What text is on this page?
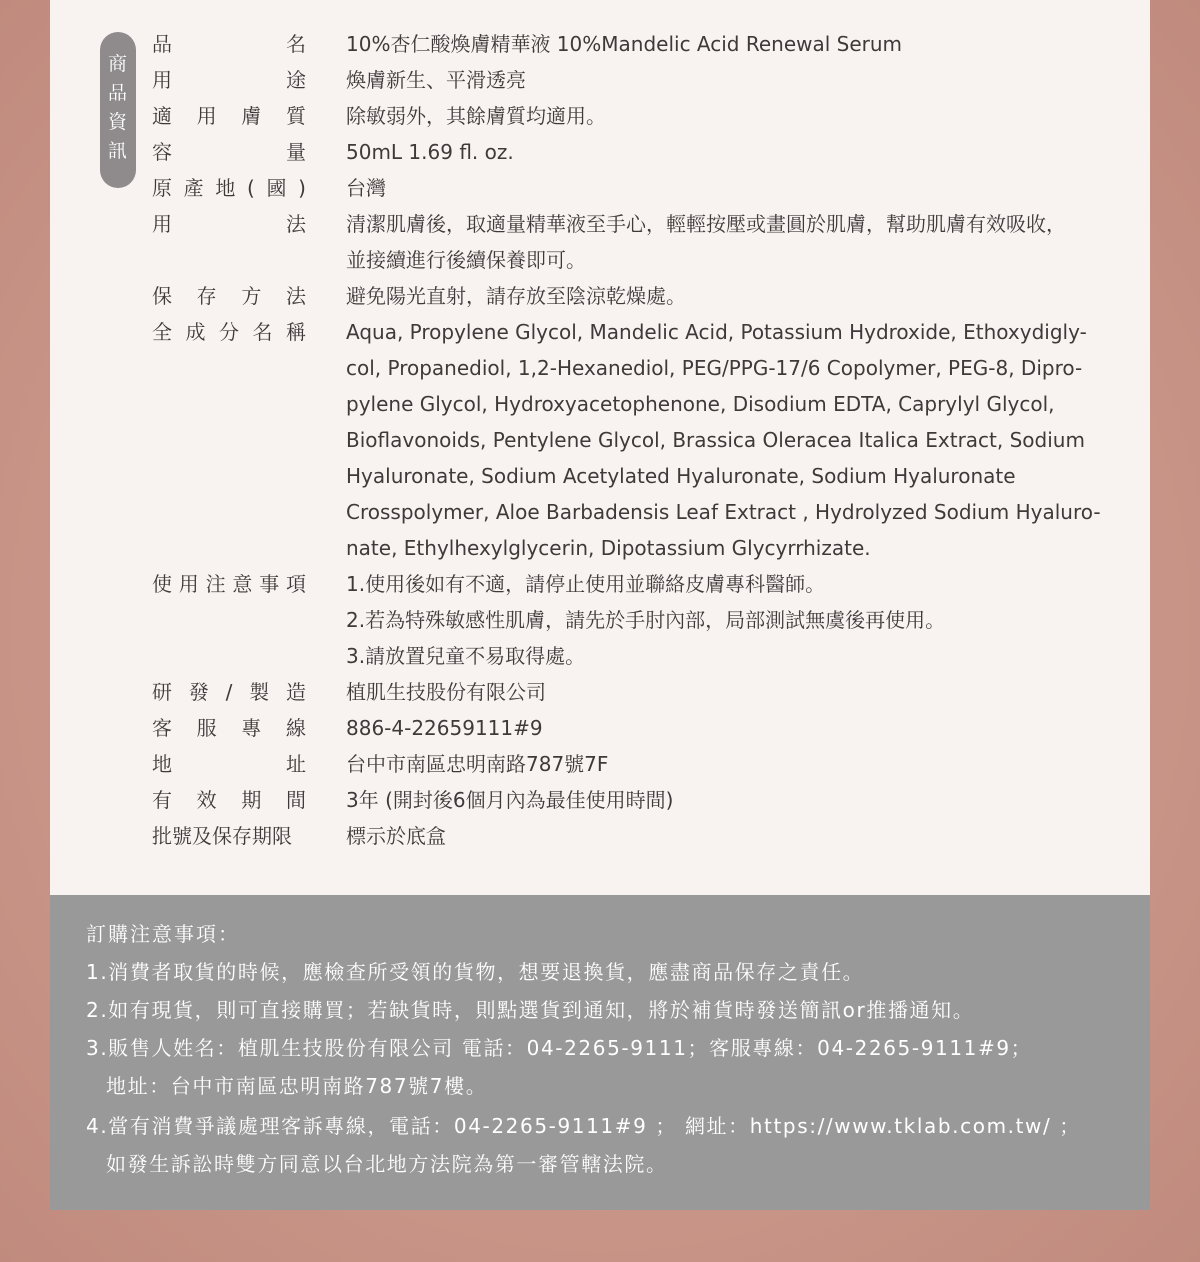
商
品
資
訊
品	名 10%杏仁酸煥膚精華液 10%Mandelic Acid Renewal Serum
用	途 煥膚新生、平滑透亮
適 用 膚 質 除敏弱外，其餘膚質均適用。
容	量 50mL 1.69 fl. oz.
原 產 地 ( 國 ) 台灣
用	法 清潔肌膚後，取適量精華液至手心，輕輕按壓或畫圓於肌膚，幫助肌膚有效吸收，
並接續進行後續保養即可。
保 存 方 法 避免陽光直射，請存放至陰涼乾燥處。
全 成 分 名 稱 Aqua, Propylene Glycol, Mandelic Acid, Potassium Hydroxide, Ethoxydigly-
col, Propanediol, 1,2-Hexanediol, PEG/PPG-17/6 Copolymer, PEG-8, Dipro-
pylene Glycol, Hydroxyacetophenone, Disodium EDTA, Caprylyl Glycol,
Bioflavonoids, Pentylene Glycol, Brassica Oleracea Italica Extract, Sodium
Hyaluronate, Sodium Acetylated Hyaluronate, Sodium Hyaluronate
Crosspolymer, Aloe Barbadensis Leaf Extract , Hydrolyzed Sodium Hyaluro-
nate, Ethylhexylglycerin, Dipotassium Glycyrrhizate.
使 用 注 意 事 項 1.使用後如有不適，請停止使用並聯絡皮膚專科醫師。
2.若為特殊敏感性肌膚，請先於手肘內部，局部測試無虞後再使用。
3.請放置兒童不易取得處。
研 發 / 製 造 植肌生技股份有限公司
客 服 專 線 886-4-22659111#9
地	址 台中市南區忠明南路787號7F
有 效 期 間 3年 (開封後6個月內為最佳使用時間)
批號及保存期限	標示於底盒
訂購注意事項：
1.消費者取貨的時候，應檢查所受領的貨物，想要退換貨，應盡商品保存之責任。
2.如有現貨，則可直接購買；若缺貨時，則點選貨到通知，將於補貨時發送簡訊or推播通知。
3.販售人姓名：植肌生技股份有限公司 電話：04-2265-9111；客服專線：04-2265-9111#9；
地址：台中市南區忠明南路787號7樓。
4.當有消費爭議處理客訴專線，電話：04-2265-9111#9 ； 網址：https://www.tklab.com.tw/ ；
如發生訴訟時雙方同意以台北地方法院為第一審管轄法院。
